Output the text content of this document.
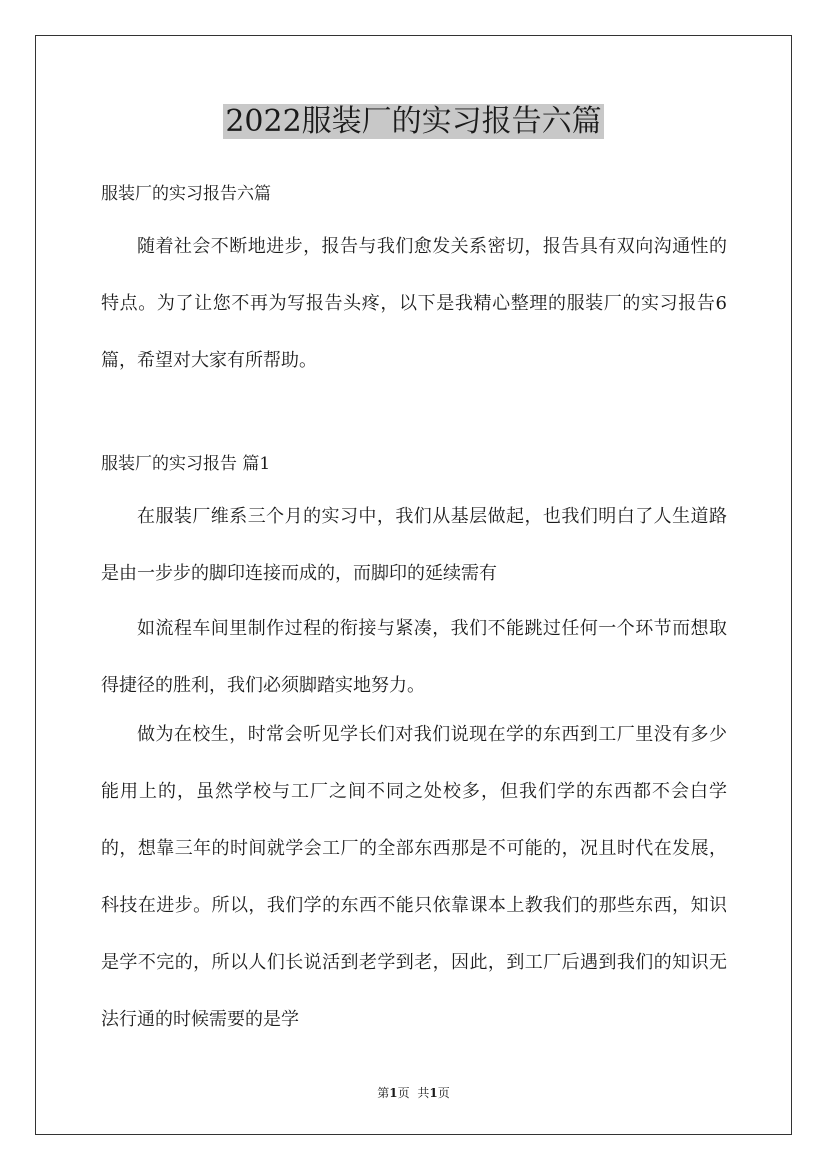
2022服装厂的实习报告六篇
服装厂的实习报告六篇
随着社会不断地进步，报告与我们愈发关系密切，报告具有双向沟通性的特点。为了让您不再为写报告头疼，以下是我精心整理的服装厂的实习报告6篇，希望对大家有所帮助。
服装厂的实习报告 篇1
在服装厂维系三个月的实习中，我们从基层做起，也我们明白了人生道路是由一步步的脚印连接而成的，而脚印的延续需有
如流程车间里制作过程的衔接与紧凑，我们不能跳过任何一个环节而想取得捷径的胜利，我们必须脚踏实地努力。
做为在校生，时常会听见学长们对我们说现在学的东西到工厂里没有多少能用上的，虽然学校与工厂之间不同之处校多，但我们学的东西都不会白学的，想靠三年的时间就学会工厂的全部东西那是不可能的，况且时代在发展，科技在进步。所以，我们学的东西不能只依靠课本上教我们的那些东西，知识是学不完的，所以人们长说活到老学到老，因此，到工厂后遇到我们的知识无法行通的时候需要的是学
第1页 共1页
